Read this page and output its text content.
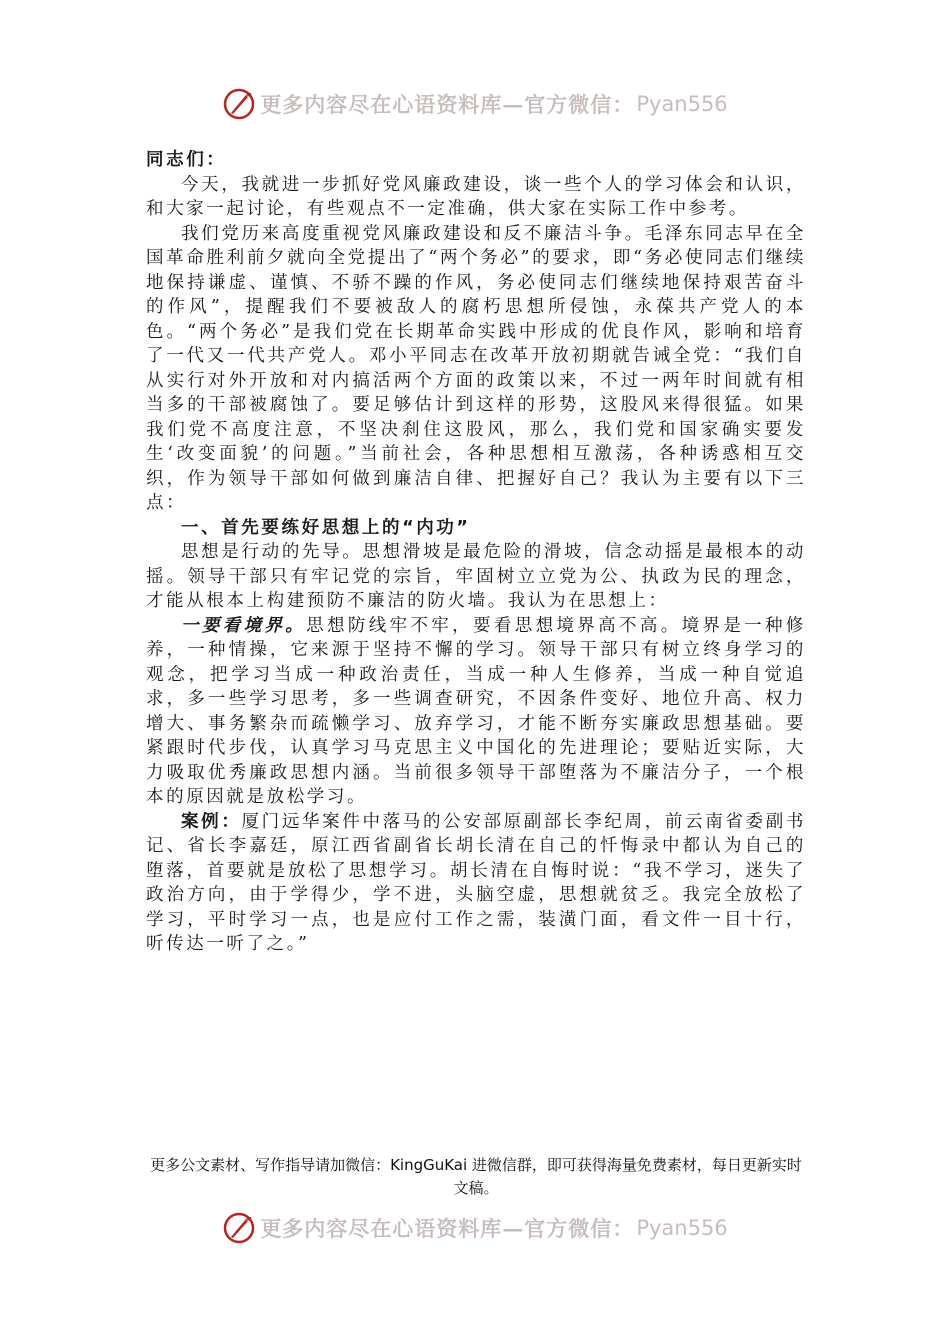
更多内容尽在心语资料库—官方微信： Pyan556

同志们：

今天，我就进一步抓好党风廉政建设，谈一些个人的学习体会和认识，和大家一起讨论，有些观点不一定准确，供大家在实际工作中参考。

我们党历来高度重视党风廉政建设和反不廉洁斗争。毛泽东同志早在全国革命胜利前夕就向全党提出了“两个务必”的要求，即“务必使同志们继续地保持谦虚、谨慎、不骄不躁的作风，务必使同志们继续地保持艰苦奋斗的作风”，提醒我们不要被敌人的腐朽思想所侵蚀，永葆共产党人的本色。“两个务必”是我们党在长期革命实践中形成的优良作风，影响和培育了一代又一代共产党人。邓小平同志在改革开放初期就告诫全党：“我们自从实行对外开放和对内搞活两个方面的政策以来，不过一两年时间就有相当多的干部被腐蚀了。要足够估计到这样的形势，这股风来得很猛。如果我们党不高度注意，不坚决刹住这股风，那么，我们党和国家确实要发生‘改变面貌’的问题。”当前社会，各种思想相互激荡，各种诱惑相互交织，作为领导干部如何做到廉洁自律、把握好自己？我认为主要有以下三点：

一、首先要练好思想上的“内功”

思想是行动的先导。思想滑坡是最危险的滑坡，信念动摇是最根本的动摇。领导干部只有牢记党的宗旨，牢固树立立党为公、执政为民的理念，才能从根本上构建预防不廉洁的防火墙。我认为在思想上：

一要看境界。思想防线牢不牢，要看思想境界高不高。境界是一种修养，一种情操，它来源于坚持不懈的学习。领导干部只有树立终身学习的观念，把学习当成一种政治责任，当成一种人生修养，当成一种自觉追求，多一些学习思考，多一些调查研究，不因条件变好、地位升高、权力增大、事务繁杂而疏懒学习、放弃学习，才能不断夯实廉政思想基础。要紧跟时代步伐，认真学习马克思主义中国化的先进理论；要贴近实际，大力吸取优秀廉政思想内涵。当前很多领导干部堕落为不廉洁分子，一个根本的原因就是放松学习。

案例：厦门远华案件中落马的公安部原副部长李纪周，前云南省委副书记、省长李嘉廷，原江西省副省长胡长清在自己的忏悔录中都认为自己的堕落，首要就是放松了思想学习。胡长清在自悔时说：“我不学习，迷失了政治方向，由于学得少，学不进，头脑空虚，思想就贫乏。我完全放松了学习，平时学习一点，也是应付工作之需，装潢门面，看文件一目十行，听传达一听了之。”

更多公文素材、写作指导请加微信：KingGuKai 进微信群，即可获得海量免费素材，每日更新实时文稿。
更多内容尽在心语资料库—官方微信： Pyan556
